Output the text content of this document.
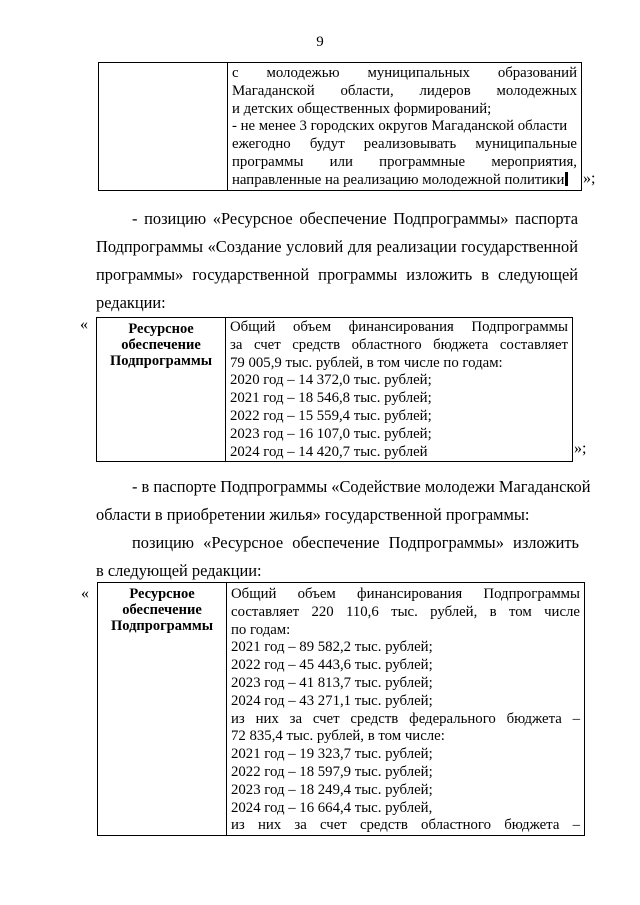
9

с молодежью муниципальных образований
Магаданской области, лидеров молодежных
и детских общественных формирований;
- не менее 3 городских округов Магаданской области
ежегодно будут реализовывать муниципальные
программы или программные мероприятия,
направленные на реализацию молодежной политики	»;
- позицию «Ресурсное обеспечение Подпрограммы» паспорта
Подпрограммы «Создание условий для реализации государственной
программы» государственной программы изложить в следующей
редакции:
«	Ресурсное
обеспечение
Подпрограммы

Общий объем финансирования Подпрограммы
за счет средств областного бюджета составляет
79 005,9 тыс. рублей, в том числе по годам:
2020 год – 14 372,0 тыс. рублей;
2021 год – 18 546,8 тыс. рублей;
2022 год – 15 559,4 тыс. рублей;
2023 год – 16 107,0 тыс. рублей;
2024 год – 14 420,7 тыс. рублей	»;
- в паспорте Подпрограммы «Содействие молодежи Магаданской
области в приобретении жилья» государственной программы:
позицию «Ресурсное обеспечение Подпрограммы» изложить
в следующей редакции:
«	Ресурсное
обеспечение
Подпрограммы

Общий объем финансирования Подпрограммы
составляет 220 110,6 тыс. рублей, в том числе
по годам:
2021 год – 89 582,2 тыс. рублей;
2022 год – 45 443,6 тыс. рублей;
2023 год – 41 813,7 тыс. рублей;
2024 год – 43 271,1 тыс. рублей;
из них за счет средств федерального бюджета –
72 835,4 тыс. рублей, в том числе:
2021 год – 19 323,7 тыс. рублей;
2022 год – 18 597,9 тыс. рублей;
2023 год – 18 249,4 тыс. рублей;
2024 год – 16 664,4 тыс. рублей,
из них за счет средств областного бюджета –
